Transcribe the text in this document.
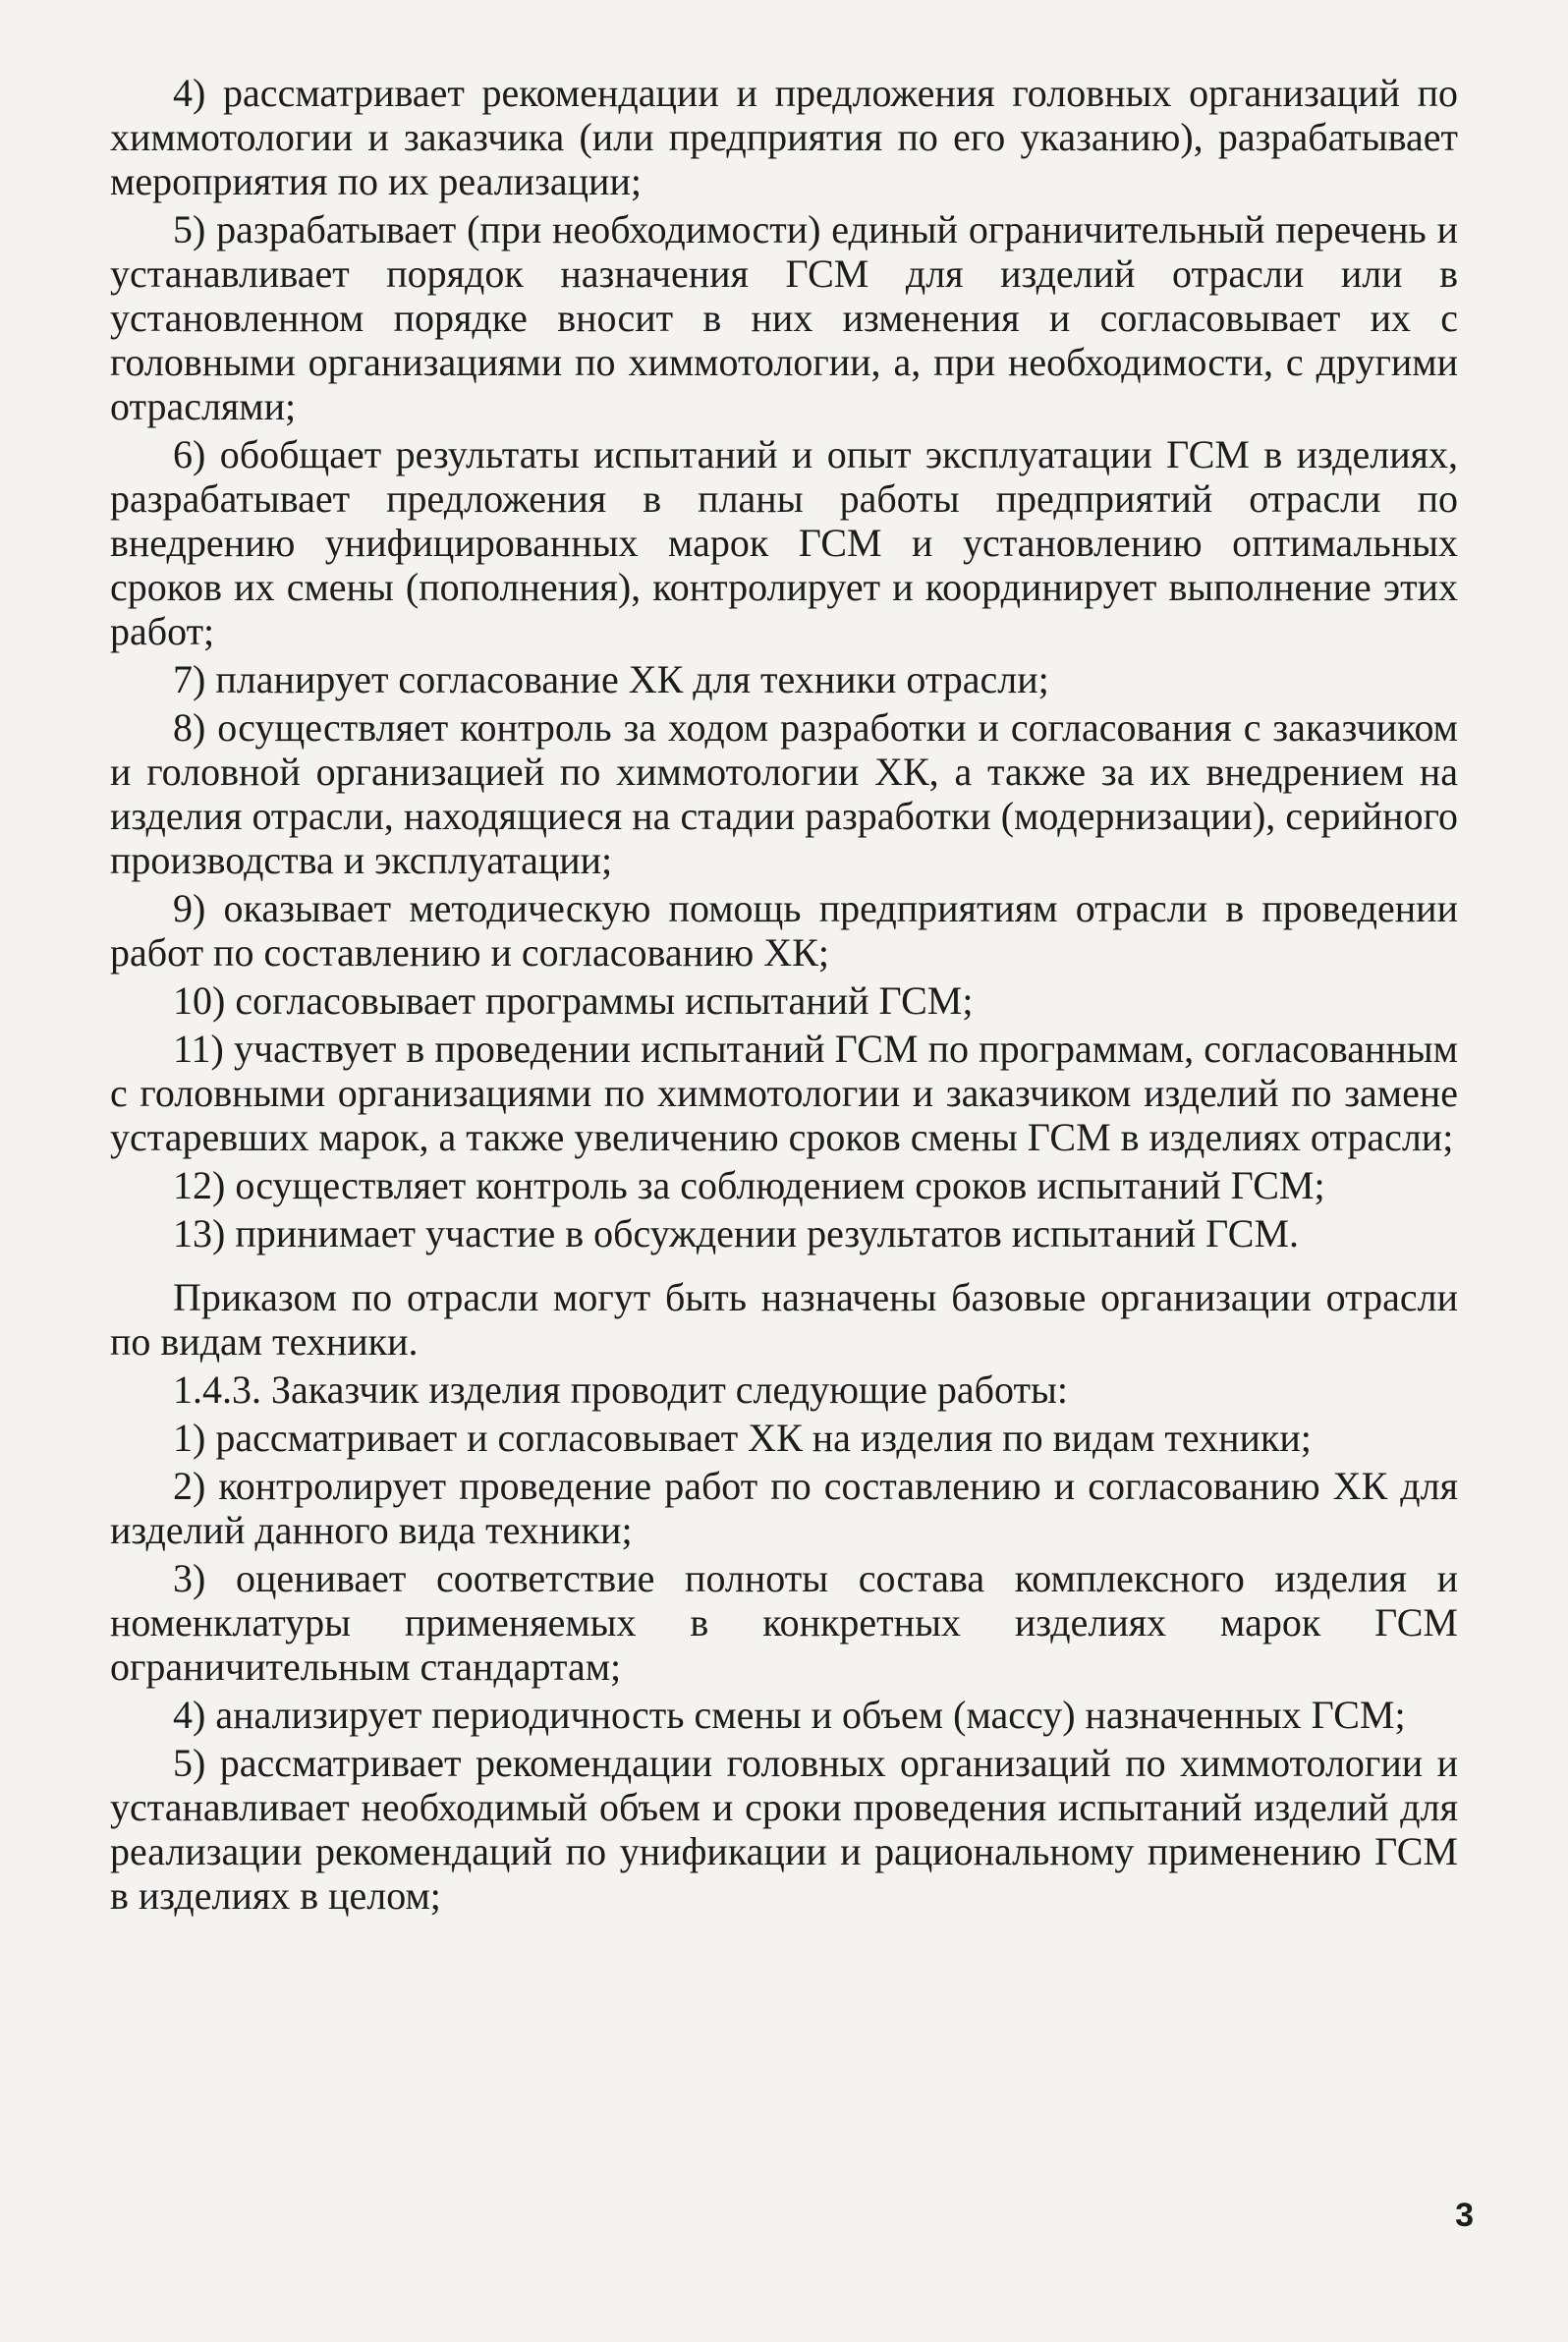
4) рассматривает рекомендации и предложения головных организаций по химмотологии и заказчика (или предприятия по его указанию), разрабатывает мероприятия по их реализации;

5) разрабатывает (при необходимости) единый ограничительный перечень и устанавливает порядок назначения ГСМ для изделий отрасли или в установленном порядке вносит в них изменения и согласовывает их с головными организациями по химмотологии, а, при необходимости, с другими отраслями;

6) обобщает результаты испытаний и опыт эксплуатации ГСМ в изделиях, разрабатывает предложения в планы работы предприятий отрасли по внедрению унифицированных марок ГСМ и установлению оптимальных сроков их смены (пополнения), контролирует и координирует выполнение этих работ;

7) планирует согласование ХК для техники отрасли;

8) осуществляет контроль за ходом разработки и согласования с заказчиком и головной организацией по химмотологии ХК, а также за их внедрением на изделия отрасли, находящиеся на стадии разработки (модернизации), серийного производства и эксплуатации;

9) оказывает методическую помощь предприятиям отрасли в проведении работ по составлению и согласованию ХК;

10) согласовывает программы испытаний ГСМ;

11) участвует в проведении испытаний ГСМ по программам, согласованным с головными организациями по химмотологии и заказчиком изделий по замене устаревших марок, а также увеличению сроков смены ГСМ в изделиях отрасли;

12) осуществляет контроль за соблюдением сроков испытаний ГСМ;

13) принимает участие в обсуждении результатов испытаний ГСМ.

Приказом по отрасли могут быть назначены базовые организации отрасли по видам техники.

1.4.3. Заказчик изделия проводит следующие работы:

1) рассматривает и согласовывает ХК на изделия по видам техники;

2) контролирует проведение работ по составлению и согласованию ХК для изделий данного вида техники;

3) оценивает соответствие полноты состава комплексного изделия и номенклатуры применяемых в конкретных изделиях марок ГСМ ограничительным стандартам;

4) анализирует периодичность смены и объем (массу) назначенных ГСМ;

5) рассматривает рекомендации головных организаций по химмотологии и устанавливает необходимый объем и сроки проведения испытаний изделий для реализации рекомендаций по унификации и рациональному применению ГСМ в изделиях в целом;

3
